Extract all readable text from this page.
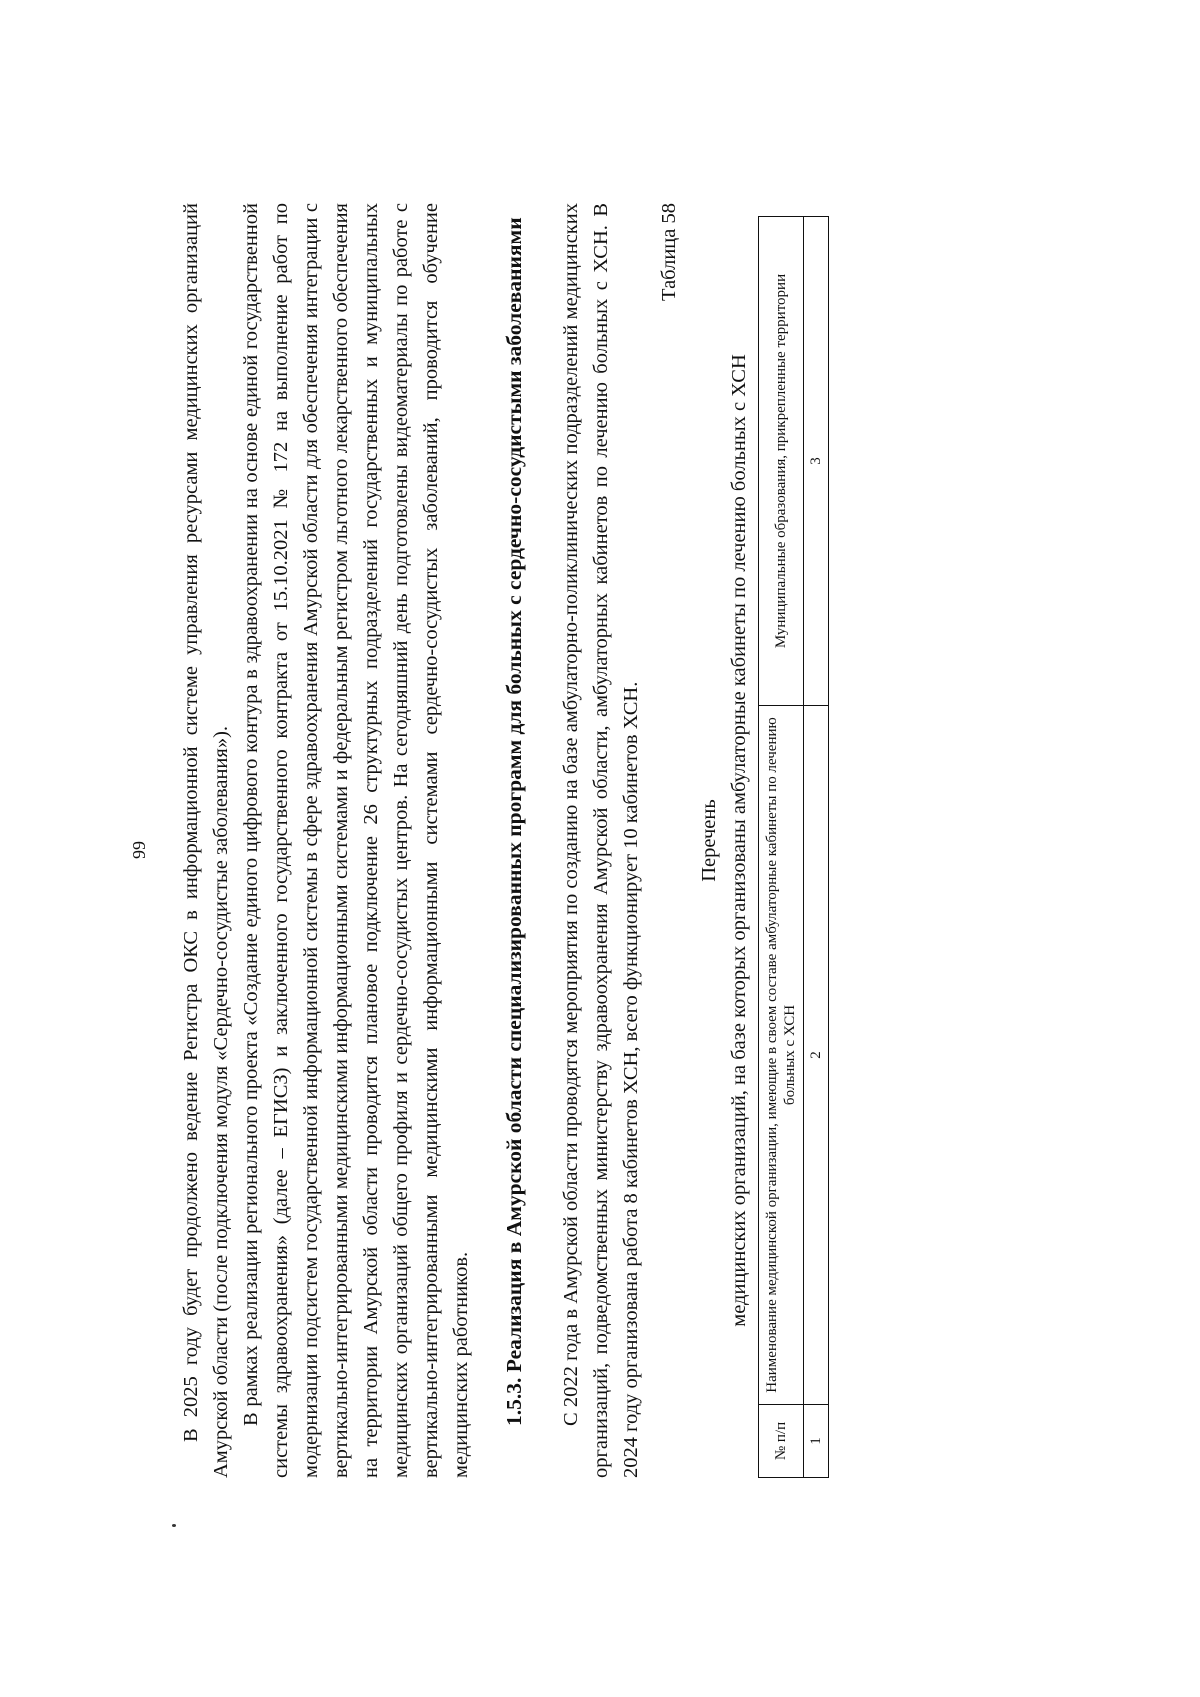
99 В 2025 году будет продолжено ведение Регистра ОКС в информационной системе управления ресурсами медицинских организаций Амурской области (после подключения модуля «Сердечно-сосудистые заболевания»). В рамках реализации регионального проекта «Создание единого цифрового контура в здравоохранении на основе единой государственной системы здравоохранения» (далее – ЕГИСЗ) и заключенного государственного контракта от 15.10.2021 № 172 на выполнение работ по модернизации подсистем государственной информационной системы в сфере здравоохранения Амурской области для обеспечения интеграции с вертикально-интегрированными медицинскими информационными системами и федеральным регистром льготного лекарственного обеспечения на территории Амурской области проводится плановое подключение 26 структурных подразделений государственных и муниципальных медицинских организаций общего профиля и сердечно-сосудистых центров. На сегодняшний день подготовлены видеоматериалы по работе с вертикально-интегрированными медицинскими информационными системами сердечно-сосудистых заболеваний, проводится обучение медицинских работников. 1.5.3. Реализация в Амурской области специализированных программ для больных с сердечно-сосудистыми заболеваниями С 2022 года в Амурской области проводятся мероприятия по созданию на базе амбулаторно-поликлинических подразделений медицинских организаций, подведомственных министерству здравоохранения Амурской области, амбулаторных кабинетов по лечению больных с ХСН. В 2024 году организована работа 8 кабинетов ХСН, всего функционирует 10 кабинетов ХСН.

Таблица 58

Перечень медицинских организаций, на базе которых организованы амбулаторные кабинеты по лечению больных с ХСН

№ п/п	Наименование медицинской организации, имеющие в своем составе амбулаторные кабинеты по лечению больных с ХСН	Муниципальные образования, прикрепленные территории
1	2	3
